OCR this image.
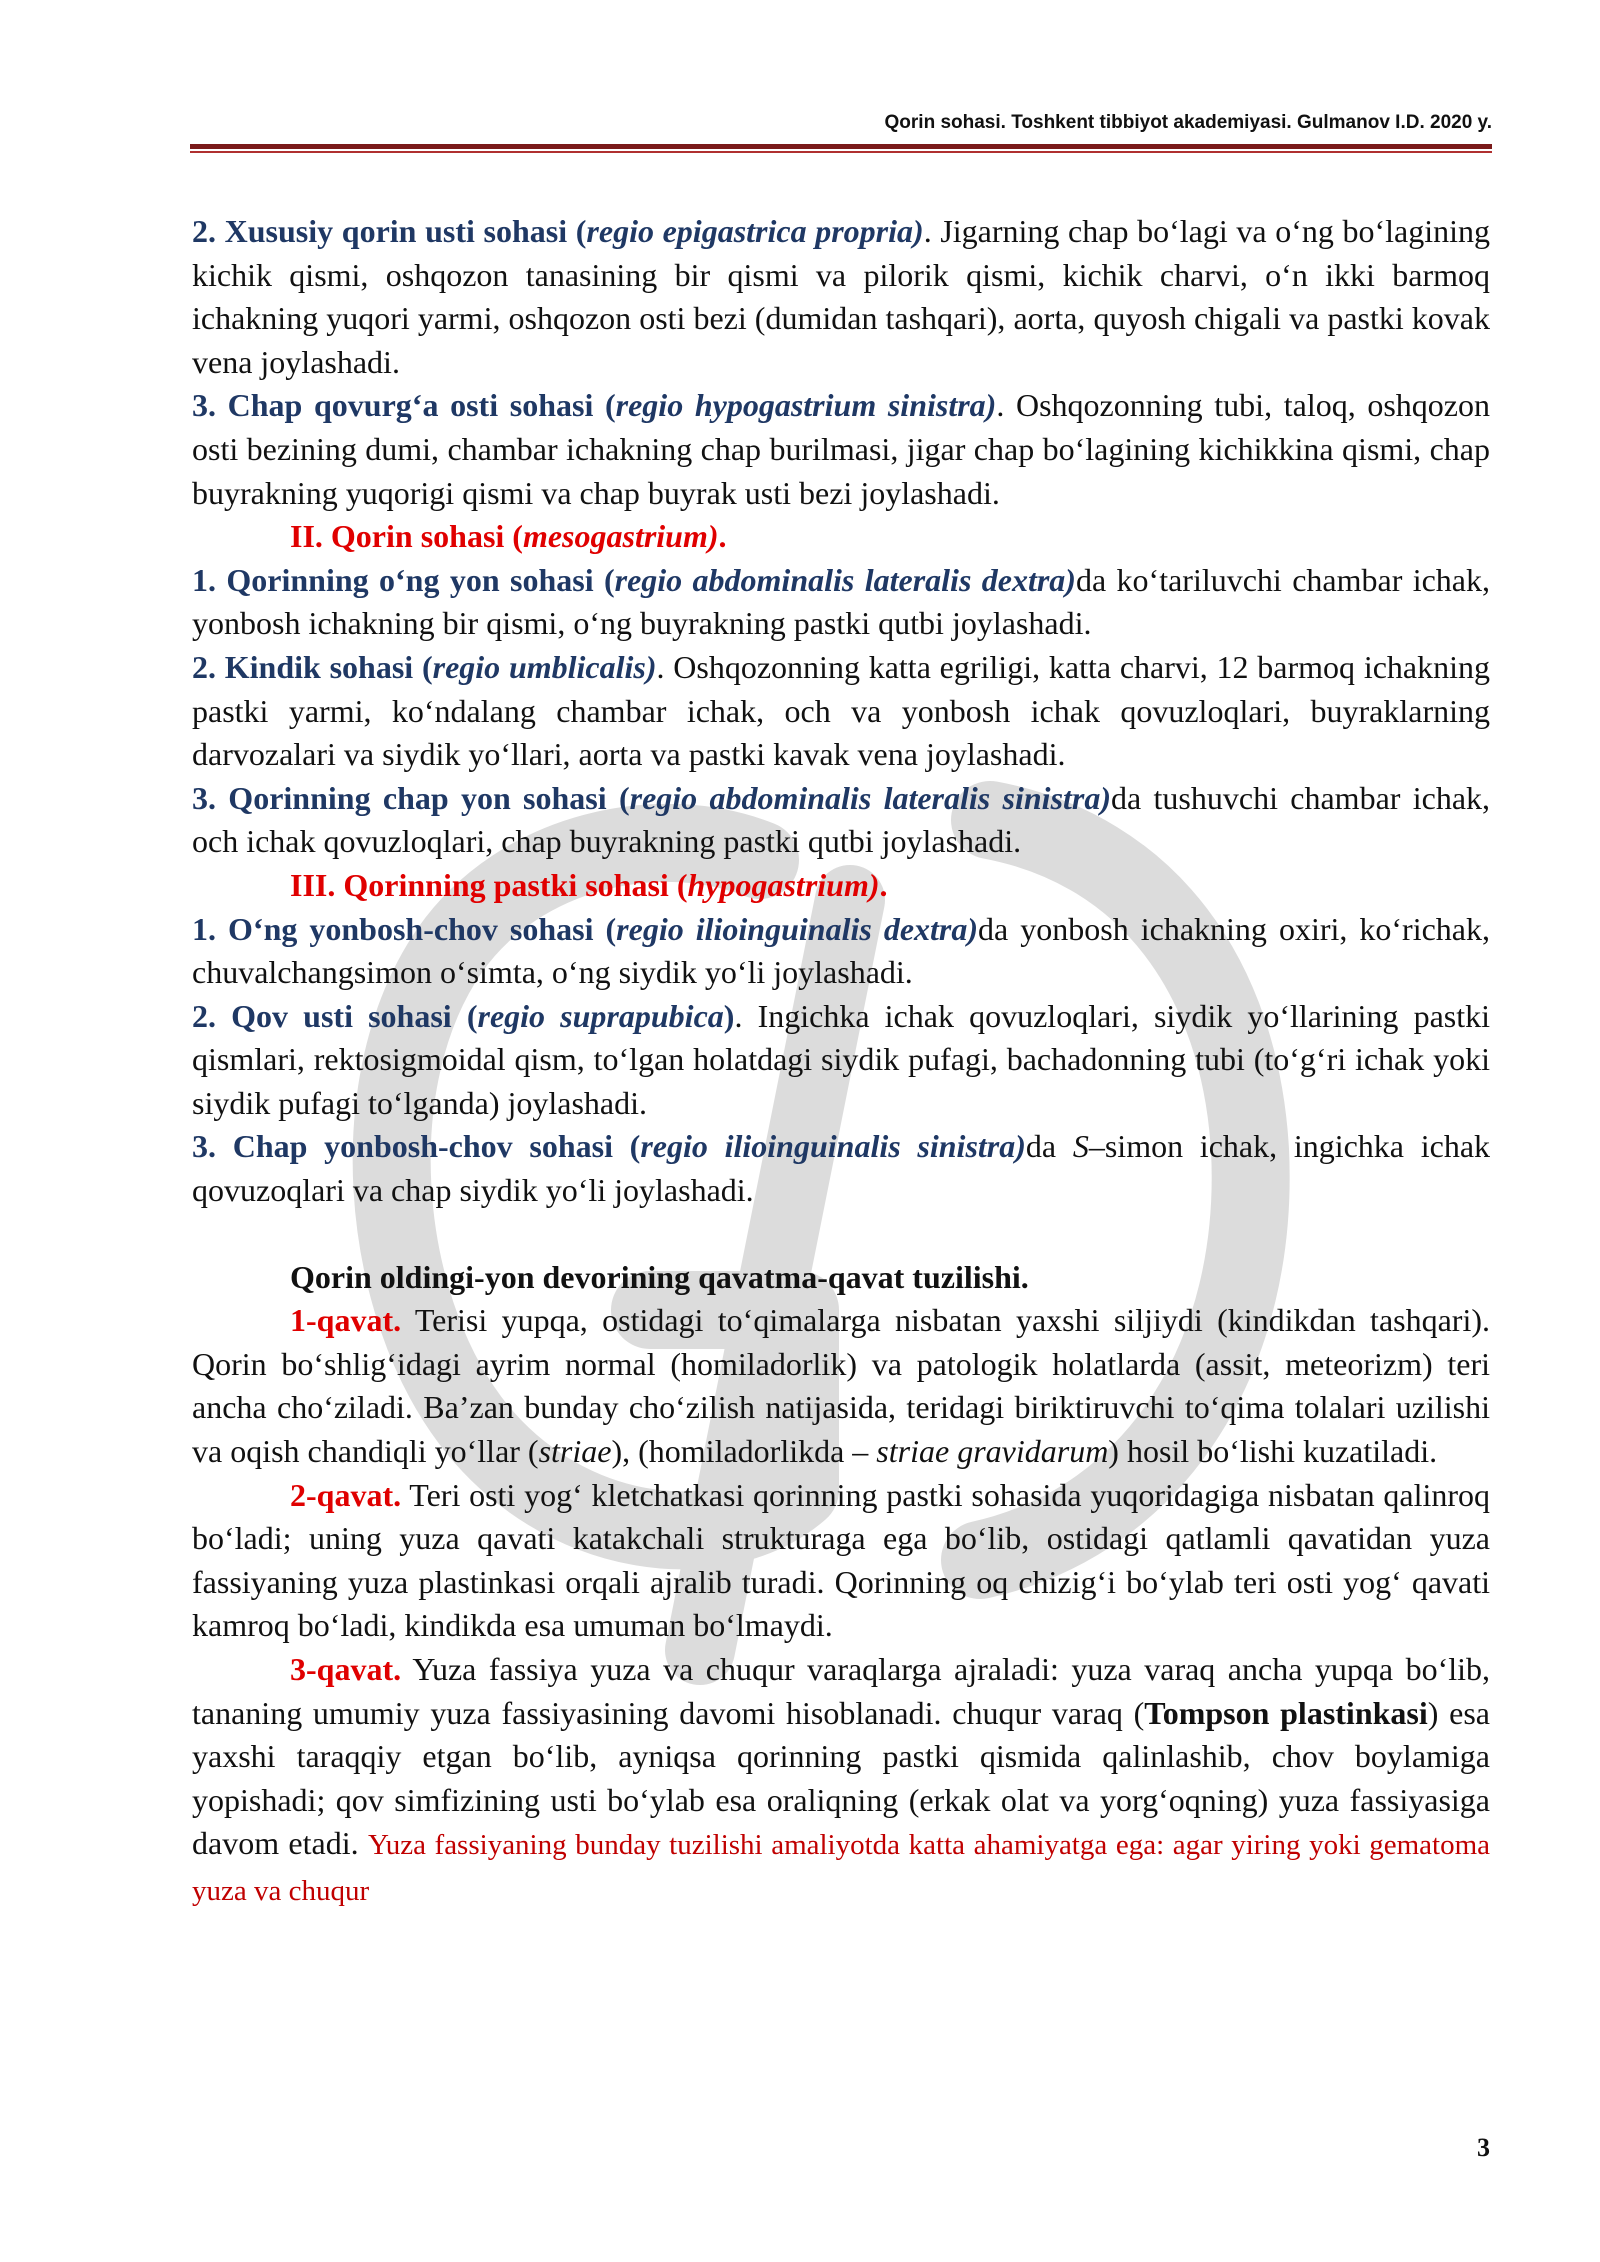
Qorin sohasi. Toshkent tibbiyot akademiyasi. Gulmanov I.D. 2020 y.

2. Xususiy qorin usti sohasi (regio epigastrica propria). Jigarning chap bo‘lagi va o‘ng bo‘lagining kichik qismi, oshqozon tanasining bir qismi va pilorik qismi, kichik charvi, o‘n ikki barmoq ichakning yuqori yarmi, oshqozon osti bezi (dumidan tashqari), aorta, quyosh chigali va pastki kovak vena joylashadi.

3. Chap qovurg‘a osti sohasi (regio hypogastrium sinistra). Oshqozonning tubi, taloq, oshqozon osti bezining dumi, chambar ichakning chap burilmasi, jigar chap bo‘lagining kichikkina qismi, chap buyrakning yuqorigi qismi va chap buyrak usti bezi joylashadi.

II. Qorin sohasi (mesogastrium).

1. Qorinning o‘ng yon sohasi (regio abdominalis lateralis dextra)da ko‘tariluvchi chambar ichak, yonbosh ichakning bir qismi, o‘ng buyrakning pastki qutbi joylashadi.

2. Kindik sohasi (regio umblicalis). Oshqozonning katta egriligi, katta charvi, 12 barmoq ichakning pastki yarmi, ko‘ndalang chambar ichak, och va yonbosh ichak qovuzloqlari, buyraklarning darvozalari va siydik yo‘llari, aorta va pastki kavak vena joylashadi.

3. Qorinning chap yon sohasi (regio abdominalis lateralis sinistra)da tushuvchi chambar ichak, och ichak qovuzloqlari, chap buyrakning pastki qutbi joylashadi.

III. Qorinning pastki sohasi (hypogastrium).

1. O‘ng yonbosh-chov sohasi (regio ilioinguinalis dextra)da yonbosh ichakning oxiri, ko‘richak, chuvalchangsimon o‘simta, o‘ng siydik yo‘li joylashadi.

2. Qov usti sohasi (regio suprapubica). Ingichka ichak qovuzloqlari, siydik yo‘llarining pastki qismlari, rektosigmoidal qism, to‘lgan holatdagi siydik pufagi, bachadonning tubi (to‘g‘ri ichak yoki siydik pufagi to‘lganda) joylashadi.

3. Chap yonbosh-chov sohasi (regio ilioinguinalis sinistra)da S–simon ichak, ingichka ichak qovuzoqlari va chap siydik yo‘li joylashadi.

Qorin oldingi-yon devorining qavatma-qavat tuzilishi.

1-qavat. Terisi yupqa, ostidagi to‘qimalarga nisbatan yaxshi siljiydi (kindikdan tashqari). Qorin bo‘shlig‘idagi ayrim normal (homiladorlik) va patologik holatlarda (assit, meteorizm) teri ancha cho‘ziladi. Ba’zan bunday cho‘zilish natijasida, teridagi biriktiruvchi to‘qima tolalari uzilishi va oqish chandiqli yo‘llar (striae), (homiladorlikda – striae gravidarum) hosil bo‘lishi kuzatiladi.

2-qavat. Teri osti yog‘ kletchatkasi qorinning pastki sohasida yuqoridagiga nisbatan qalinroq bo‘ladi; uning yuza qavati katakchali strukturaga ega bo‘lib, ostidagi qatlamli qavatidan yuza fassiyaning yuza plastinkasi orqali ajralib turadi. Qorinning oq chizig‘i bo‘ylab teri osti yog‘ qavati kamroq bo‘ladi, kindikda esa umuman bo‘lmaydi.

3-qavat. Yuza fassiya yuza va chuqur varaqlarga ajraladi: yuza varaq ancha yupqa bo‘lib, tananing umumiy yuza fassiyasining davomi hisoblanadi. chuqur varaq (Tompson plastinkasi) esa yaxshi taraqqiy etgan bo‘lib, ayniqsa qorinning pastki qismida qalinlashib, chov boylamiga yopishadi; qov simfizining usti bo‘ylab esa oraliqning (erkak olat va yorg‘oqning) yuza fassiyasiga davom etadi. Yuza fassiyaning bunday tuzilishi amaliyotda katta ahamiyatga ega: agar yiring yoki gematoma yuza va chuqur

3
